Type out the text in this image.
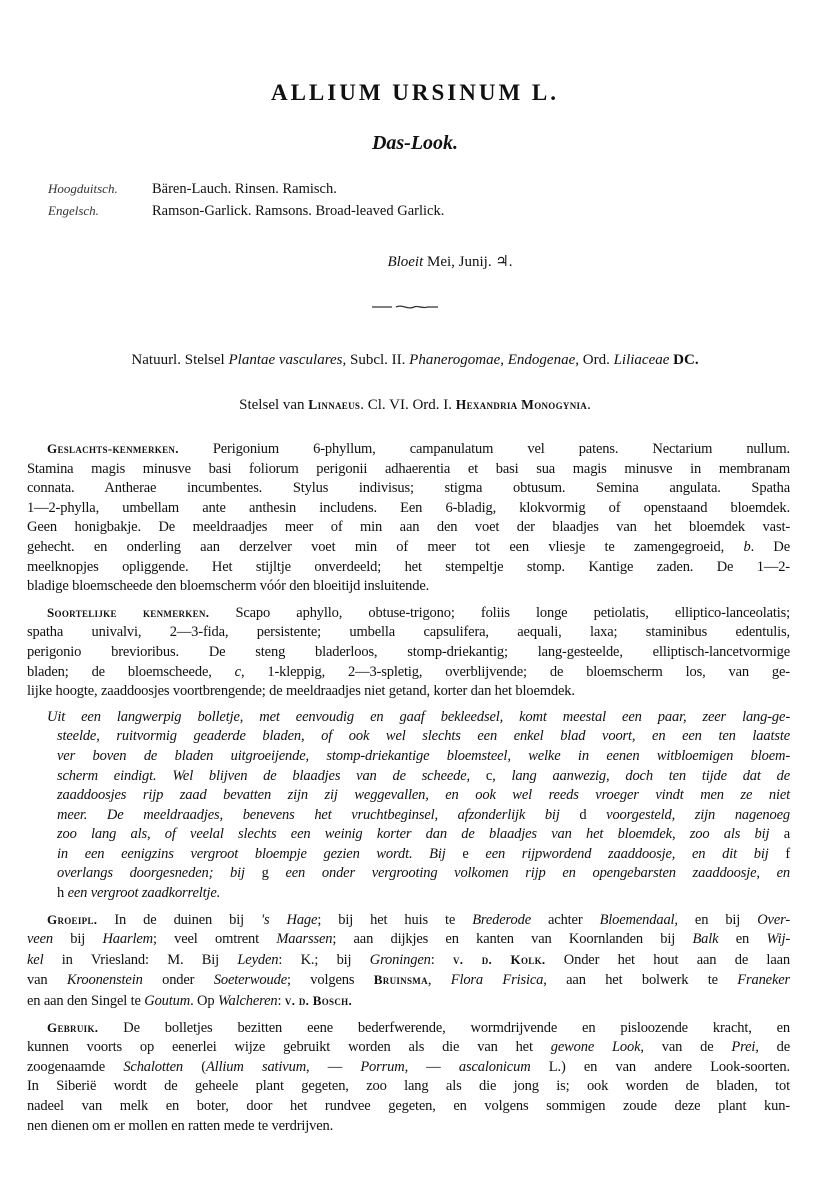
ALLIUM URSINUM L.
Das-Look.
Hoogduitsch. Bären-Lauch. Rinsen. Ramisch.
Engelsch.	Ramson-Garlick. Ramsons. Broad-leaved Garlick.
Bloeit Mei, Junij. ♃.
Natuurl. Stelsel Plantae vasculares, Subcl. II. Phanerogomae, Endogenae, Ord. Liliaceae DC.
Stelsel van Linnaeus. Cl. VI. Ord. I. Hexandria Monogynia.
Geslachts-kenmerken. Perigonium 6-phyllum, campanulatum vel patens. Nectarium nullum.
Stamina magis minusve basi foliorum perigonii adhaerentia et basi sua magis minusve in membranam
connata. Antherae incumbentes. Stylus indivisus; stigma obtusum. Semina angulata. Spatha
1—2-phylla, umbellam ante anthesin includens. Een 6-bladig, klokvormig of openstaand bloemdek.
Geen honigbakje. De meeldraadjes meer of min aan den voet der blaadjes van het bloemdek vast-
gehecht. en onderling aan derzelver voet min of meer tot een vliesje te zamengegroeid, b. De
meelknopjes opliggende. Het stijltje onverdeeld; het stempeltje stomp. Kantige zaden. De 1—2-
bladige bloemscheede den bloemscherm vóór den bloeitijd insluitende.
Soortelijke kenmerken. Scapo aphyllo, obtuse-trigono; foliis longe petiolatis, elliptico-lanceolatis;
spatha univalvi, 2—3-fida, persistente; umbella capsulifera, aequali, laxa; staminibus edentulis,
perigonio brevioribus. De steng bladerloos, stomp-driekantig; lang-gesteelde, elliptisch-lancetvormige
bladen; de bloemscheede, c, 1-kleppig, 2—3-spletig, overblijvende; de bloemscherm los, van ge-
lijke hoogte, zaaddoosjes voortbrengende; de meeldraadjes niet getand, korter dan het bloemdek.
Uit een langwerpig bolletje, met eenvoudig en gaaf bekleedsel, komt meestal een paar, zeer lang-ge-
steelde, ruitvormig geaderde bladen, of ook wel slechts een enkel blad voort, en een ten laatste
ver boven de bladen uitgroeijende, stomp-driekantige bloemsteel, welke in eenen witbloemigen bloem-
scherm eindigt. Wel blijven de blaadjes van de scheede, c, lang aanwezig, doch ten tijde dat de
zaaddoosjes rijp zaad bevatten zijn zij weggevallen, en ook wel reeds vroeger vindt men ze niet
meer. De meeldraadjes, benevens het vruchtbeginsel, afzonderlijk bij d voorgesteld, zijn nagenoeg
zoo lang als, of veelal slechts een weinig korter dan de blaadjes van het bloemdek, zoo als bij a
in een eenigzins vergroot bloempje gezien wordt. Bij e een rijpwordend zaaddoosje, en dit bij f
overlangs doorgesneden; bij g een onder vergrooting volkomen rijp en opengebarsten zaaddoosje, en
h een vergroot zaadkorreltje.
Groeipl. In de duinen bij 's Hage; bij het huis te Brederode achter Bloemendaal, en bij Over-
veen bij Haarlem; veel omtrent Maarssen; aan dijkjes en kanten van Koornlanden bij Balk en Wij-
kel in Vriesland: M. Bij Leyden: K.; bij Groningen: v. d. Kolk. Onder het hout aan de laan
van Kroonenstein onder Soeterwoude; volgens Bruinsma, Flora Frisica, aan het bolwerk te Franeker
en aan den Singel te Goutum. Op Walcheren: v. d. Bosch.
Gebruik. De bolletjes bezitten eene bederfwerende, wormdrijvende en pisloozende kracht, en
kunnen voorts op eenerlei wijze gebruikt worden als die van het gewone Look, van de Prei, de
zoogenaamde Schalotten (Allium sativum, — Porrum, — ascalonicum L.) en van andere Look-soorten.
In Siberië wordt de geheele plant gegeten, zoo lang als die jong is; ook worden de bladen, tot
nadeel van melk en boter, door het rundvee gegeten, en volgens sommigen zoude deze plant kun-
nen dienen om er mollen en ratten mede te verdrijven.
